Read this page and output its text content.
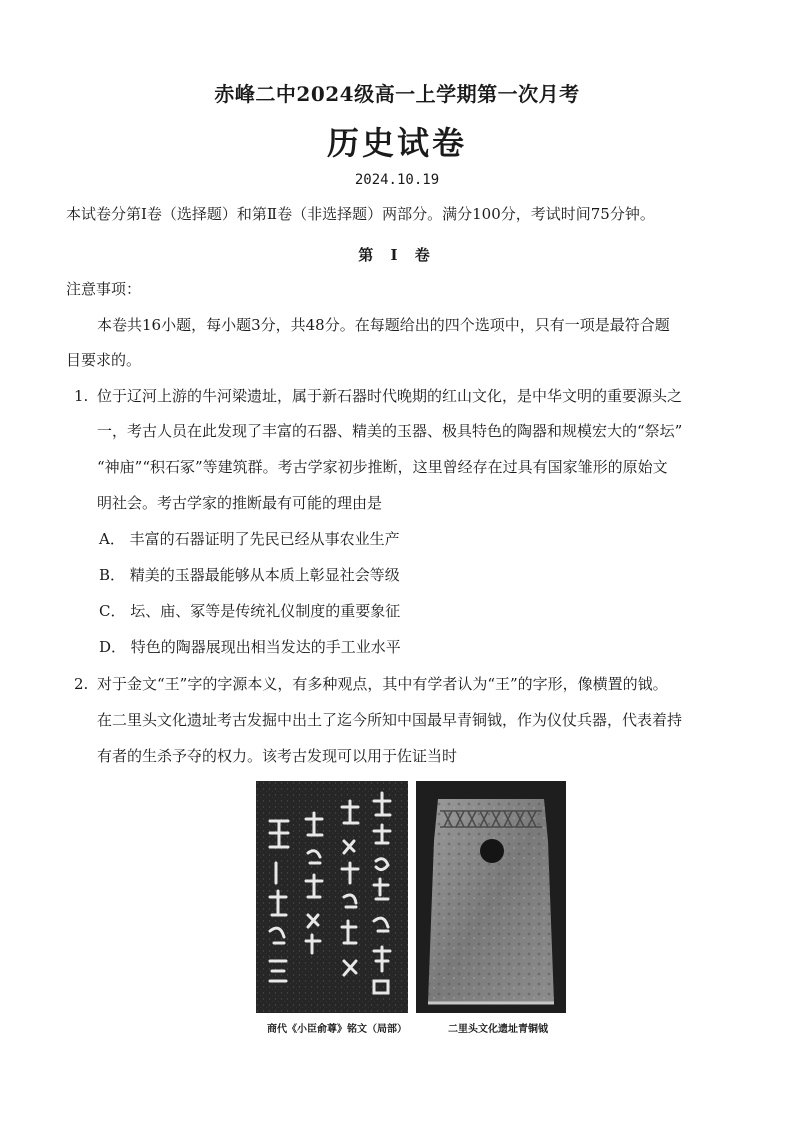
赤峰二中2024级高一上学期第一次月考
历史试卷
2024.10.19
本试卷分第Ⅰ卷（选择题）和第Ⅱ卷（非选择题）两部分。满分100分，考试时间75分钟。
第 Ⅰ 卷
注意事项：
本卷共16小题，每小题3分，共48分。在每题给出的四个选项中，只有一项是最符合题
目要求的。
1. 位于辽河上游的牛河梁遗址，属于新石器时代晚期的红山文化，是中华文明的重要源头之
一，考古人员在此发现了丰富的石器、精美的玉器、极具特色的陶器和规模宏大的“祭坛”
“神庙”“积石冢”等建筑群。考古学家初步推断，这里曾经存在过具有国家雏形的原始文
明社会。考古学家的推断最有可能的理由是
A． 丰富的石器证明了先民已经从事农业生产
B． 精美的玉器最能够从本质上彰显社会等级
C． 坛、庙、冢等是传统礼仪制度的重要象征
D． 特色的陶器展现出相当发达的手工业水平
2. 对于金文“王”字的字源本义，有多种观点，其中有学者认为“王”的字形，像横置的钺。
在二里头文化遗址考古发掘中出土了迄今所知中国最早青铜钺，作为仪仗兵器，代表着持
有者的生杀予夺的权力。该考古发现可以用于佐证当时
商代《小臣俞尊》铭文（局部）	二里头文化遗址青铜钺
